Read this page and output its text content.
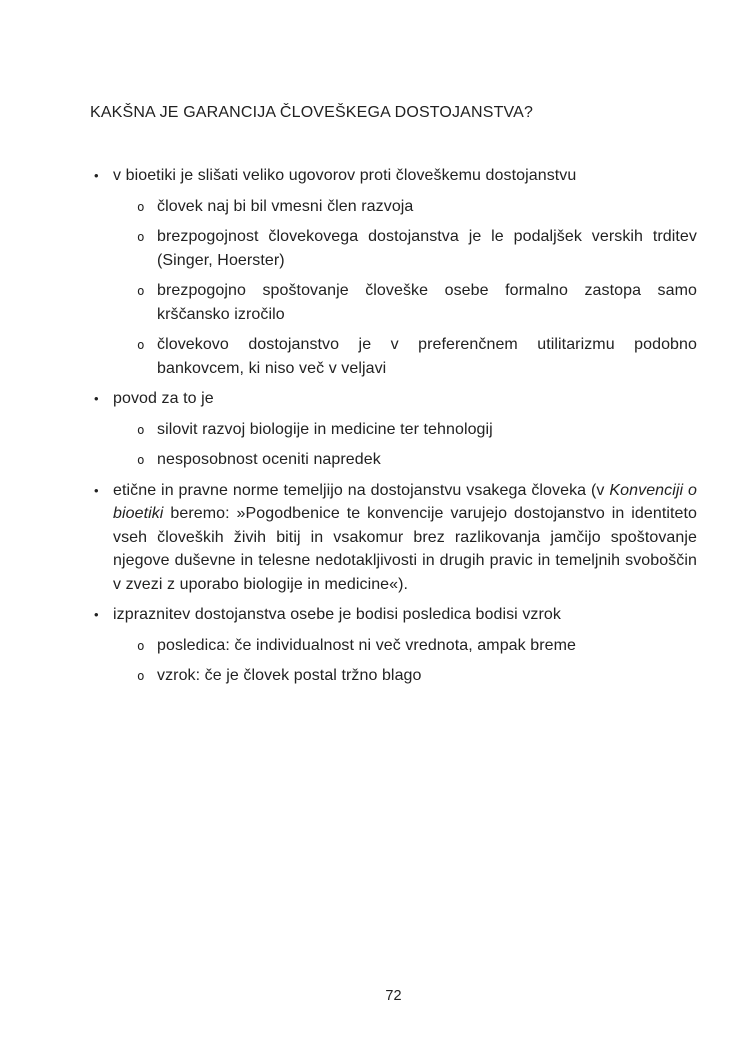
KAKŠNA JE GARANCIJA ČLOVEŠKEGA DOSTOJANSTVA?
• v bioetiki je slišati veliko ugovorov proti človeškemu dostojanstvu
o človek naj bi bil vmesni člen razvoja
o brezpogojnost človekovega dostojanstva je le podaljšek verskih trditev (Singer, Hoerster)
o brezpogojno spoštovanje človeške osebe formalno zastopa samo krščansko izročilo
o človekovo dostojanstvo je v preferenčnem utilitarizmu podobno bankovcem, ki niso več v veljavi
• povod za to je
o silovit razvoj biologije in medicine ter tehnologij
o nesposobnost oceniti napredek
• etične in pravne norme temeljijo na dostojanstvu vsakega človeka (v Konvenciji o bioetiki beremo: »Pogodbenice te konvencije varujejo dostojanstvo in identiteto vseh človeških živih bitij in vsakomur brez razlikovanja jamčijo spoštovanje njegove duševne in telesne nedotakljivosti in drugih pravic in temeljnih svoboščin v zvezi z uporabo biologije in medicine«).
• izpraznitev dostojanstva osebe je bodisi posledica bodisi vzrok
o posledica: če individualnost ni več vrednota, ampak breme
o vzrok: če je človek postal tržno blago
72
